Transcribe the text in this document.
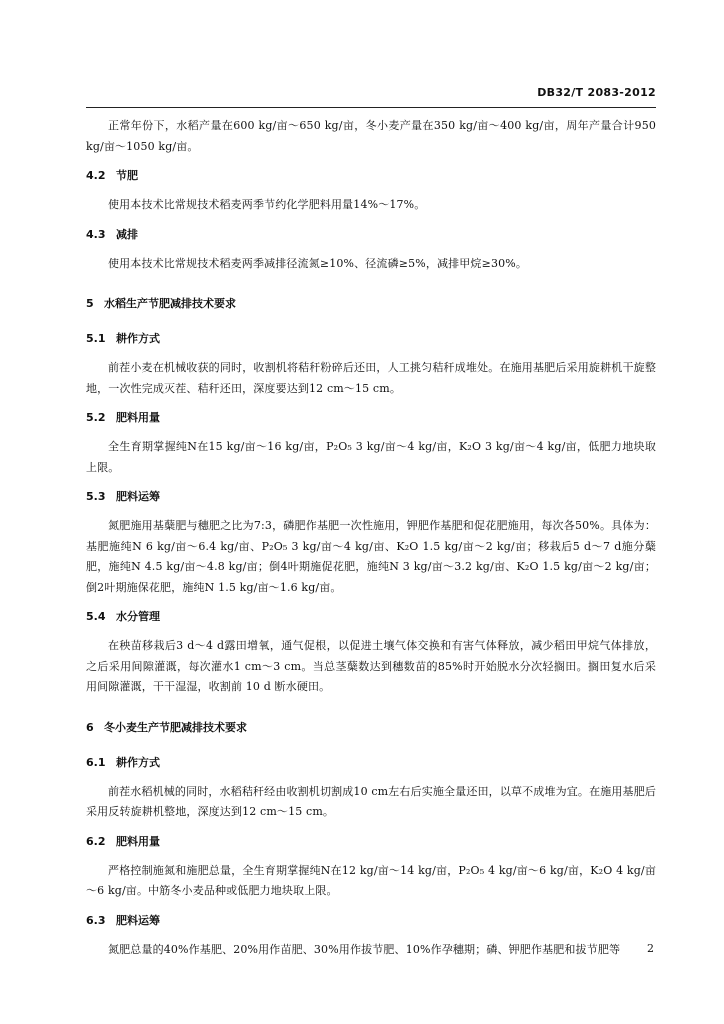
DB32/T 2083-2012

正常年份下，水稻产量在600 kg/亩～650 kg/亩，冬小麦产量在350 kg/亩～400 kg/亩，周年产量合计950 kg/亩～1050 kg/亩。

4.2 节肥

使用本技术比常规技术稻麦两季节约化学肥料用量14%～17%。

4.3 减排

使用本技术比常规技术稻麦两季减排径流氮≥10%、径流磷≥5%，减排甲烷≥30%。

5 水稻生产节肥减排技术要求

5.1 耕作方式

前茬小麦在机械收获的同时，收割机将秸秆粉碎后还田，人工挑匀秸秆成堆处。在施用基肥后采用旋耕机干旋整地，一次性完成灭茬、秸秆还田，深度要达到12 cm～15 cm。

5.2 肥料用量

全生育期掌握纯N在15 kg/亩～16 kg/亩，P₂O₅ 3 kg/亩～4 kg/亩，K₂O 3 kg/亩～4 kg/亩，低肥力地块取上限。

5.3 肥料运筹

氮肥施用基蘖肥与穗肥之比为7:3，磷肥作基肥一次性施用，钾肥作基肥和促花肥施用，每次各50%。具体为：基肥施纯N 6 kg/亩～6.4 kg/亩、P₂O₅ 3 kg/亩～4 kg/亩、K₂O 1.5 kg/亩～2 kg/亩；移栽后5 d～7 d施分蘖肥，施纯N 4.5 kg/亩～4.8 kg/亩；倒4叶期施促花肥，施纯N 3 kg/亩～3.2 kg/亩、K₂O 1.5 kg/亩～2 kg/亩；倒2叶期施保花肥，施纯N 1.5 kg/亩～1.6 kg/亩。

5.4 水分管理

在秧苗移栽后3 d～4 d露田增氧，通气促根，以促进土壤气体交换和有害气体释放，减少稻田甲烷气体排放，之后采用间隙灌溉，每次灌水1 cm～3 cm。当总茎蘖数达到穗数苗的85%时开始脱水分次轻搁田。搁田复水后采用间隙灌溉，干干湿湿，收割前 10 d 断水硬田。

6 冬小麦生产节肥减排技术要求

6.1 耕作方式

前茬水稻机械的同时，水稻秸秆经由收割机切割成10 cm左右后实施全量还田，以草不成堆为宜。在施用基肥后采用反转旋耕机整地，深度达到12 cm～15 cm。

6.2 肥料用量

严格控制施氮和施肥总量，全生育期掌握纯N在12 kg/亩～14 kg/亩，P₂O₅ 4 kg/亩～6 kg/亩，K₂O 4 kg/亩～6 kg/亩。中筋冬小麦品种或低肥力地块取上限。

6.3 肥料运筹

氮肥总量的40%作基肥、20%用作苗肥、30%用作拔节肥、10%作孕穗期；磷、钾肥作基肥和拔节肥等	2
